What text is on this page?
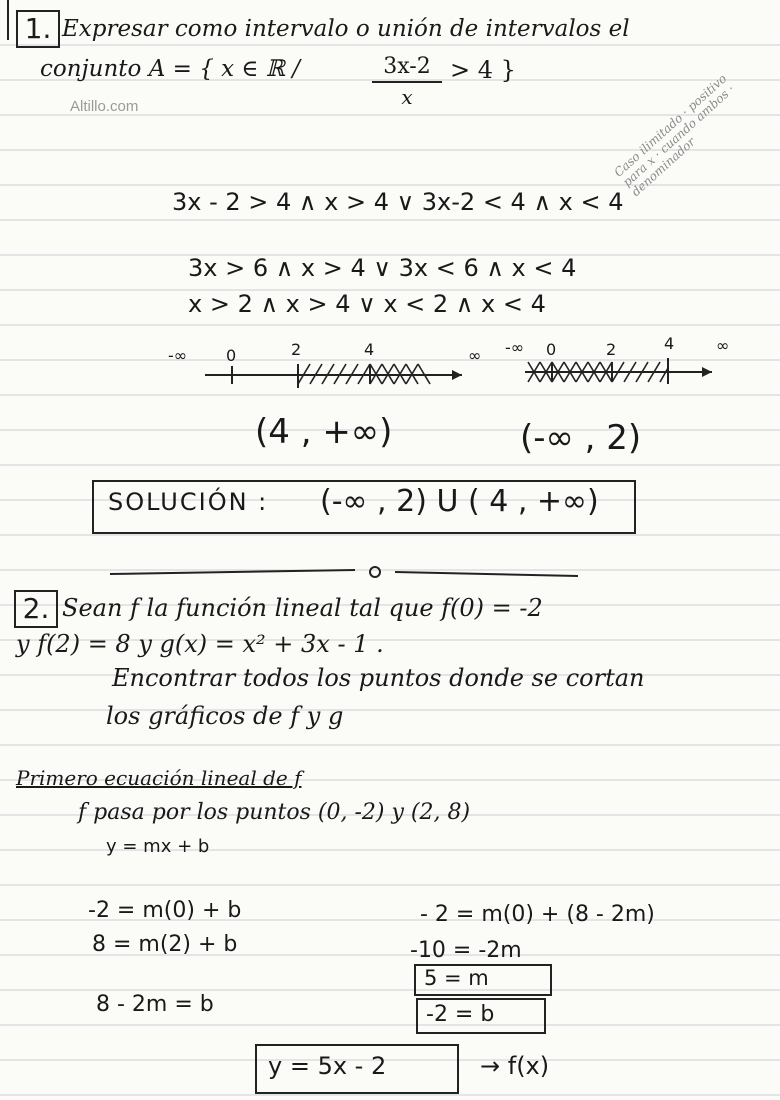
1. Expresar como intervalo o unión de intervalos el
conjunto A = { x ∈ ℝ /	3x-2
x
> 4 }
Altillo.com	Caso ilimitado · positivo para x · cuando ambos · denominador
3x - 2 > 4 ∧ x > 4 ∨ 3x-2 < 4 ∧ x < 4
3x > 6 ∧ x > 4 ∨ 3x < 6 ∧ x < 4
x > 2 ∧ x > 4 ∨ x < 2 ∧ x < 4
-∞ 0	2	4	∞ -∞ 0	2	4	∞
(4 , +∞)	(-∞ , 2)
SOLUCIÓN : (-∞ , 2) U ( 4 , +∞)
2. Sean f la función lineal tal que f(0) = -2
y f(2) = 8 y g(x) = x² + 3x - 1 .
Encontrar todos los puntos donde se cortan
los gráficos de f y g
Primero ecuación lineal de f
f pasa por los puntos (0, -2) y (2, 8)
y = mx + b
-2 = m(0) + b
8 = m(2) + b
8 - 2m = b
- 2 = m(0) + (8 - 2m)
-10 = -2m
5 = m
-2 = b
y = 5x - 2	→ f(x)
